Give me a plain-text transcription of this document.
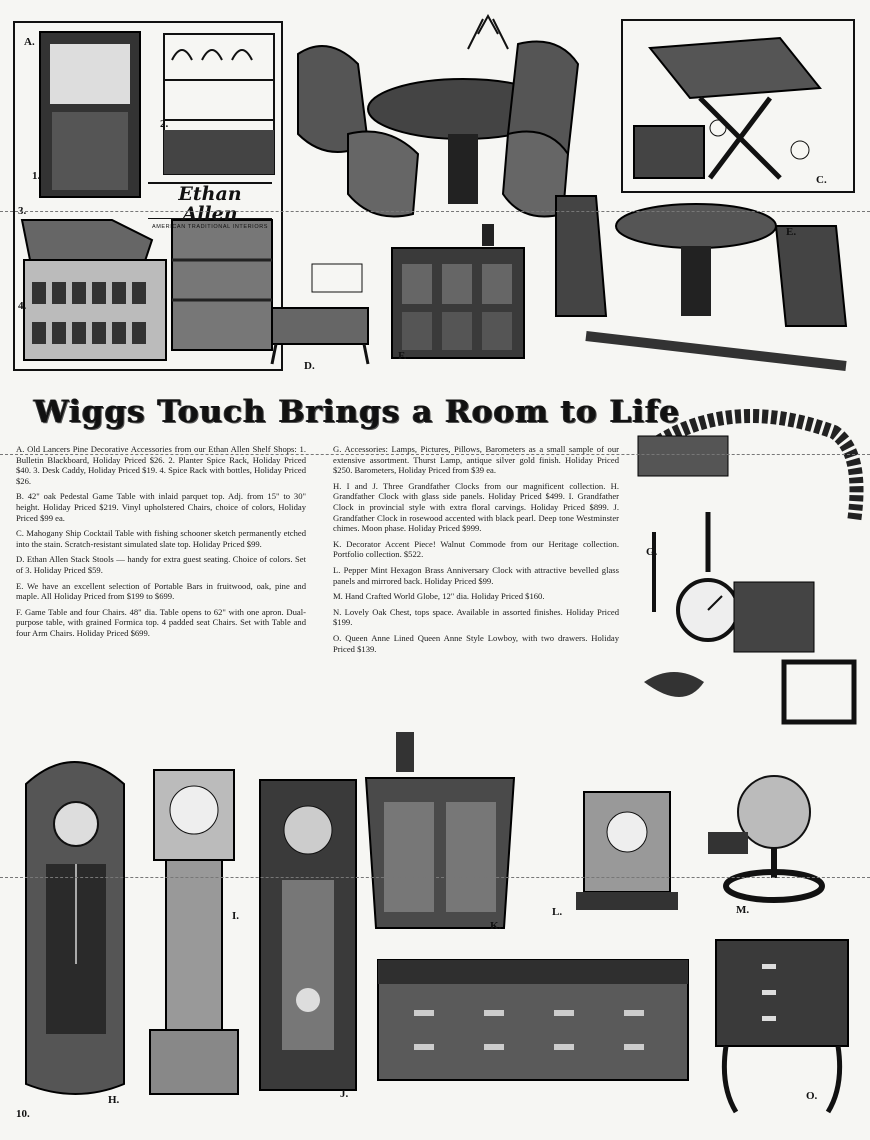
Ethan Allen
AMERICAN TRADITIONAL INTERIORS
A.
2.
1.
3.
4.
C.
D.
E.
F.
Wiggs Touch Brings a Room to Life

A. Old Lancers Pine Decorative Accessories from our Ethan Allen Shelf Shops: 1. Bulletin Blackboard, Holiday Priced $26. 2. Planter Spice Rack, Holiday Priced $40. 3. Desk Caddy, Holiday Priced $19. 4. Spice Rack with bottles, Holiday Priced $26.

B. 42" oak Pedestal Game Table with inlaid parquet top. Adj. from 15" to 30" height. Holiday Priced $219. Vinyl upholstered Chairs, choice of colors, Holiday Priced $99 ea.

C. Mahogany Ship Cocktail Table with fishing schooner sketch permanently etched into the stain. Scratch-resistant simulated slate top. Holiday Priced $99.

D. Ethan Allen Stack Stools — handy for extra guest seating. Choice of colors. Set of 3. Holiday Priced $59.

E. We have an excellent selection of Portable Bars in fruitwood, oak, pine and maple. All Holiday Priced from $199 to $699.

F. Game Table and four Chairs. 48" dia. Table opens to 62" with one apron. Dual-purpose table, with grained Formica top. 4 padded seat Chairs. Set with Table and four Arm Chairs. Holiday Priced $699.

G. Accessories: Lamps, Pictures, Pillows, Barometers as a small sample of our extensive assortment. Thurst Lamp, antique silver gold finish. Holiday Priced $250. Barometers, Holiday Priced from $39 ea.

H. I and J. Three Grandfather Clocks from our magnificent collection. H. Grandfather Clock with glass side panels. Holiday Priced $499. I. Grandfather Clock in provincial style with extra floral carvings. Holiday Priced $899. J. Grandfather Clock in rosewood accented with black pearl. Deep tone Westminster chimes. Moon phase. Holiday Priced $999.

K. Decorator Accent Piece! Walnut Commode from our Heritage collection. Portfolio collection. $522.

L. Pepper Mint Hexagon Brass Anniversary Clock with attractive bevelled glass panels and mirrored back. Holiday Priced $99.

M. Hand Crafted World Globe, 12" dia. Holiday Priced $160.

N. Lovely Oak Chest, tops space. Available in assorted finishes. Holiday Priced $199.

O. Queen Anne Lined Queen Anne Style Lowboy, with two drawers. Holiday Priced $139.

G.
10.
H.
I.
J.
K.
L.	M.
O.
